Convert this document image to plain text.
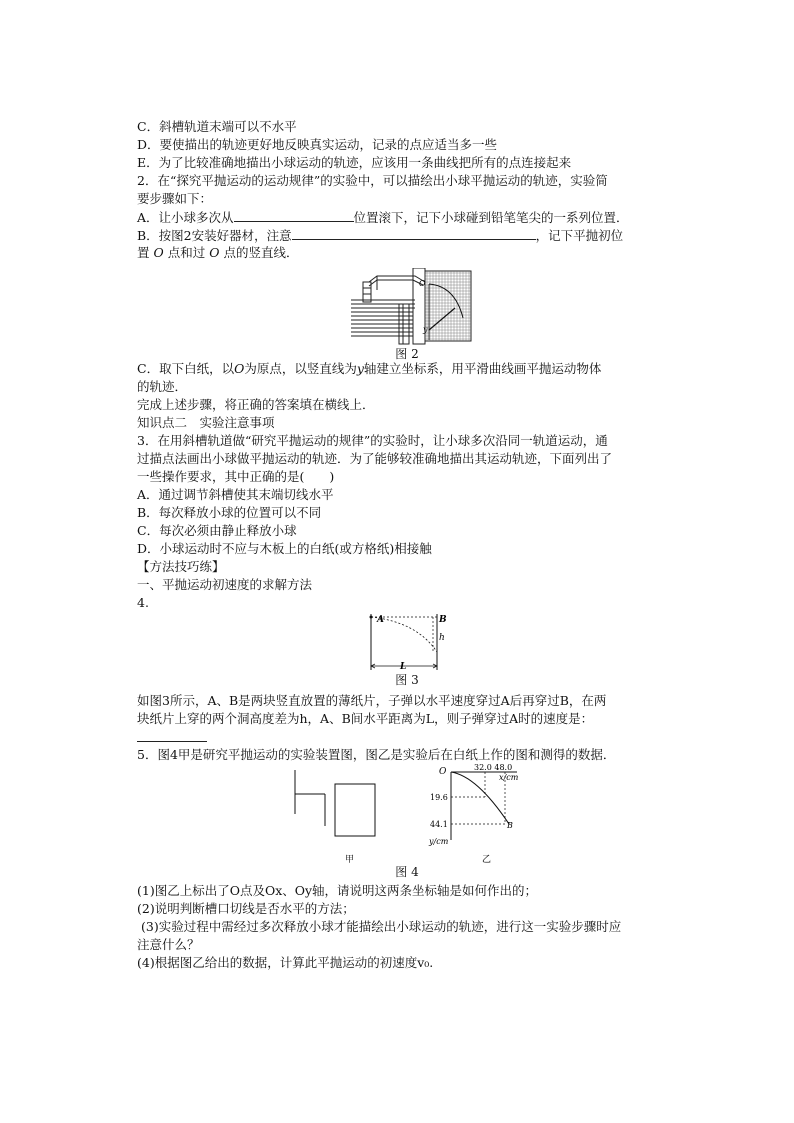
C．斜槽轨道末端可以不水平
D．要使描出的轨迹更好地反映真实运动，记录的点应适当多一些
E．为了比较准确地描出小球运动的轨迹，应该用一条曲线把所有的点连接起来
2．在“探究平抛运动的运动规律”的实验中，可以描绘出小球平抛运动的轨迹，实验简
要步骤如下：
A．让小球多次从	位置滚下，记下小球碰到铅笔笔尖的一系列位置．
B．按图2安装好器材，注意	，记下平抛初位
置 O 点和过 O 点的竖直线．
O
y
图 2
C．取下白纸，以O为原点，以竖直线为y轴建立坐标系，用平滑曲线画平抛运动物体
的轨迹．
完成上述步骤，将正确的答案填在横线上．
知识点二　实验注意事项
3．在用斜槽轨道做“研究平抛运动的规律”的实验时，让小球多次沿同一轨道运动，通
过描点法画出小球做平抛运动的轨迹．为了能够较准确地描出其运动轨迹，下面列出了
一些操作要求，其中正确的是(　　)
A．通过调节斜槽使其末端切线水平
B．每次释放小球的位置可以不同
C．每次必须由静止释放小球
D．小球运动时不应与木板上的白纸(或方格纸)相接触
【方法技巧练】
一、平抛运动初速度的求解方法
4.
A	B
h
L
图 3
如图3所示，A、B是两块竖直放置的薄纸片，子弹以水平速度穿过A后再穿过B，在两
块纸片上穿的两个洞高度差为h，A、B间水平距离为L，则子弹穿过A时的速度是：
5．图4甲是研究平抛运动的实验装置图，图乙是实验后在白纸上作的图和测得的数据．
甲
O	32.0 48.0
x/cm
19.6
44.1
y/cm
B
乙
图 4
(1)图乙上标出了O点及Ox、Oy轴，请说明这两条坐标轴是如何作出的；
(2)说明判断槽口切线是否水平的方法；
(3)实验过程中需经过多次释放小球才能描绘出小球运动的轨迹，进行这一实验步骤时应
注意什么？
(4)根据图乙给出的数据，计算此平抛运动的初速度v₀.
